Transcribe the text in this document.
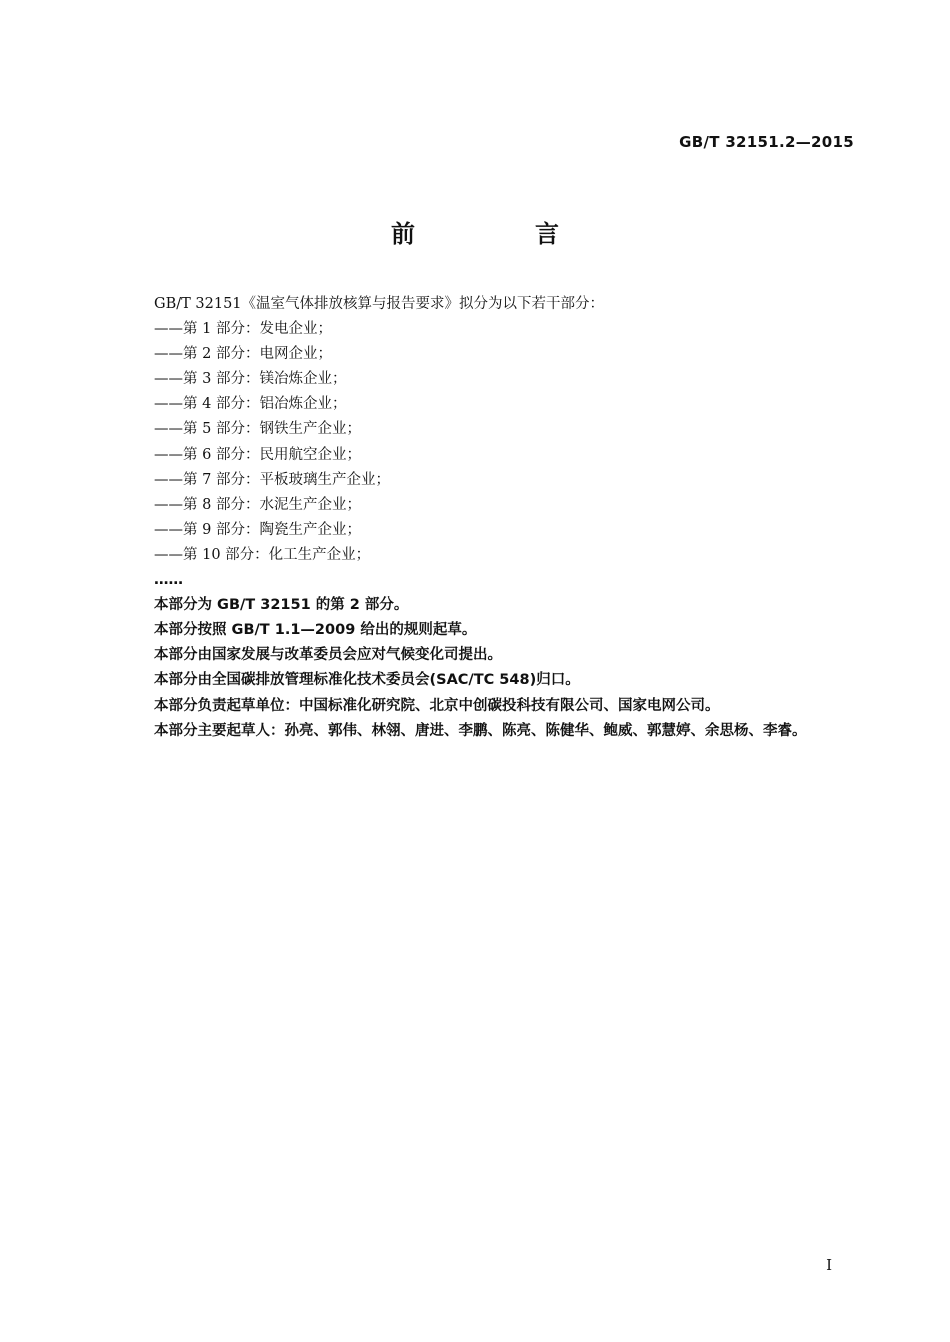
GB/T 32151.2—2015
前　言
GB/T 32151《温室气体排放核算与报告要求》拟分为以下若干部分：
——第 1 部分：发电企业；
——第 2 部分：电网企业；
——第 3 部分：镁冶炼企业；
——第 4 部分：铝冶炼企业；
——第 5 部分：钢铁生产企业；
——第 6 部分：民用航空企业；
——第 7 部分：平板玻璃生产企业；
——第 8 部分：水泥生产企业；
——第 9 部分：陶瓷生产企业；
——第 10 部分：化工生产企业；
……
本部分为 GB/T 32151 的第 2 部分。
本部分按照 GB/T 1.1—2009 给出的规则起草。
本部分由国家发展与改革委员会应对气候变化司提出。
本部分由全国碳排放管理标准化技术委员会(SAC/TC 548)归口。
本部分负责起草单位：中国标准化研究院、北京中创碳投科技有限公司、国家电网公司。
本部分主要起草人：孙亮、郭伟、林翎、唐进、李鹏、陈亮、陈健华、鲍威、郭慧婷、余思杨、李睿。
I
